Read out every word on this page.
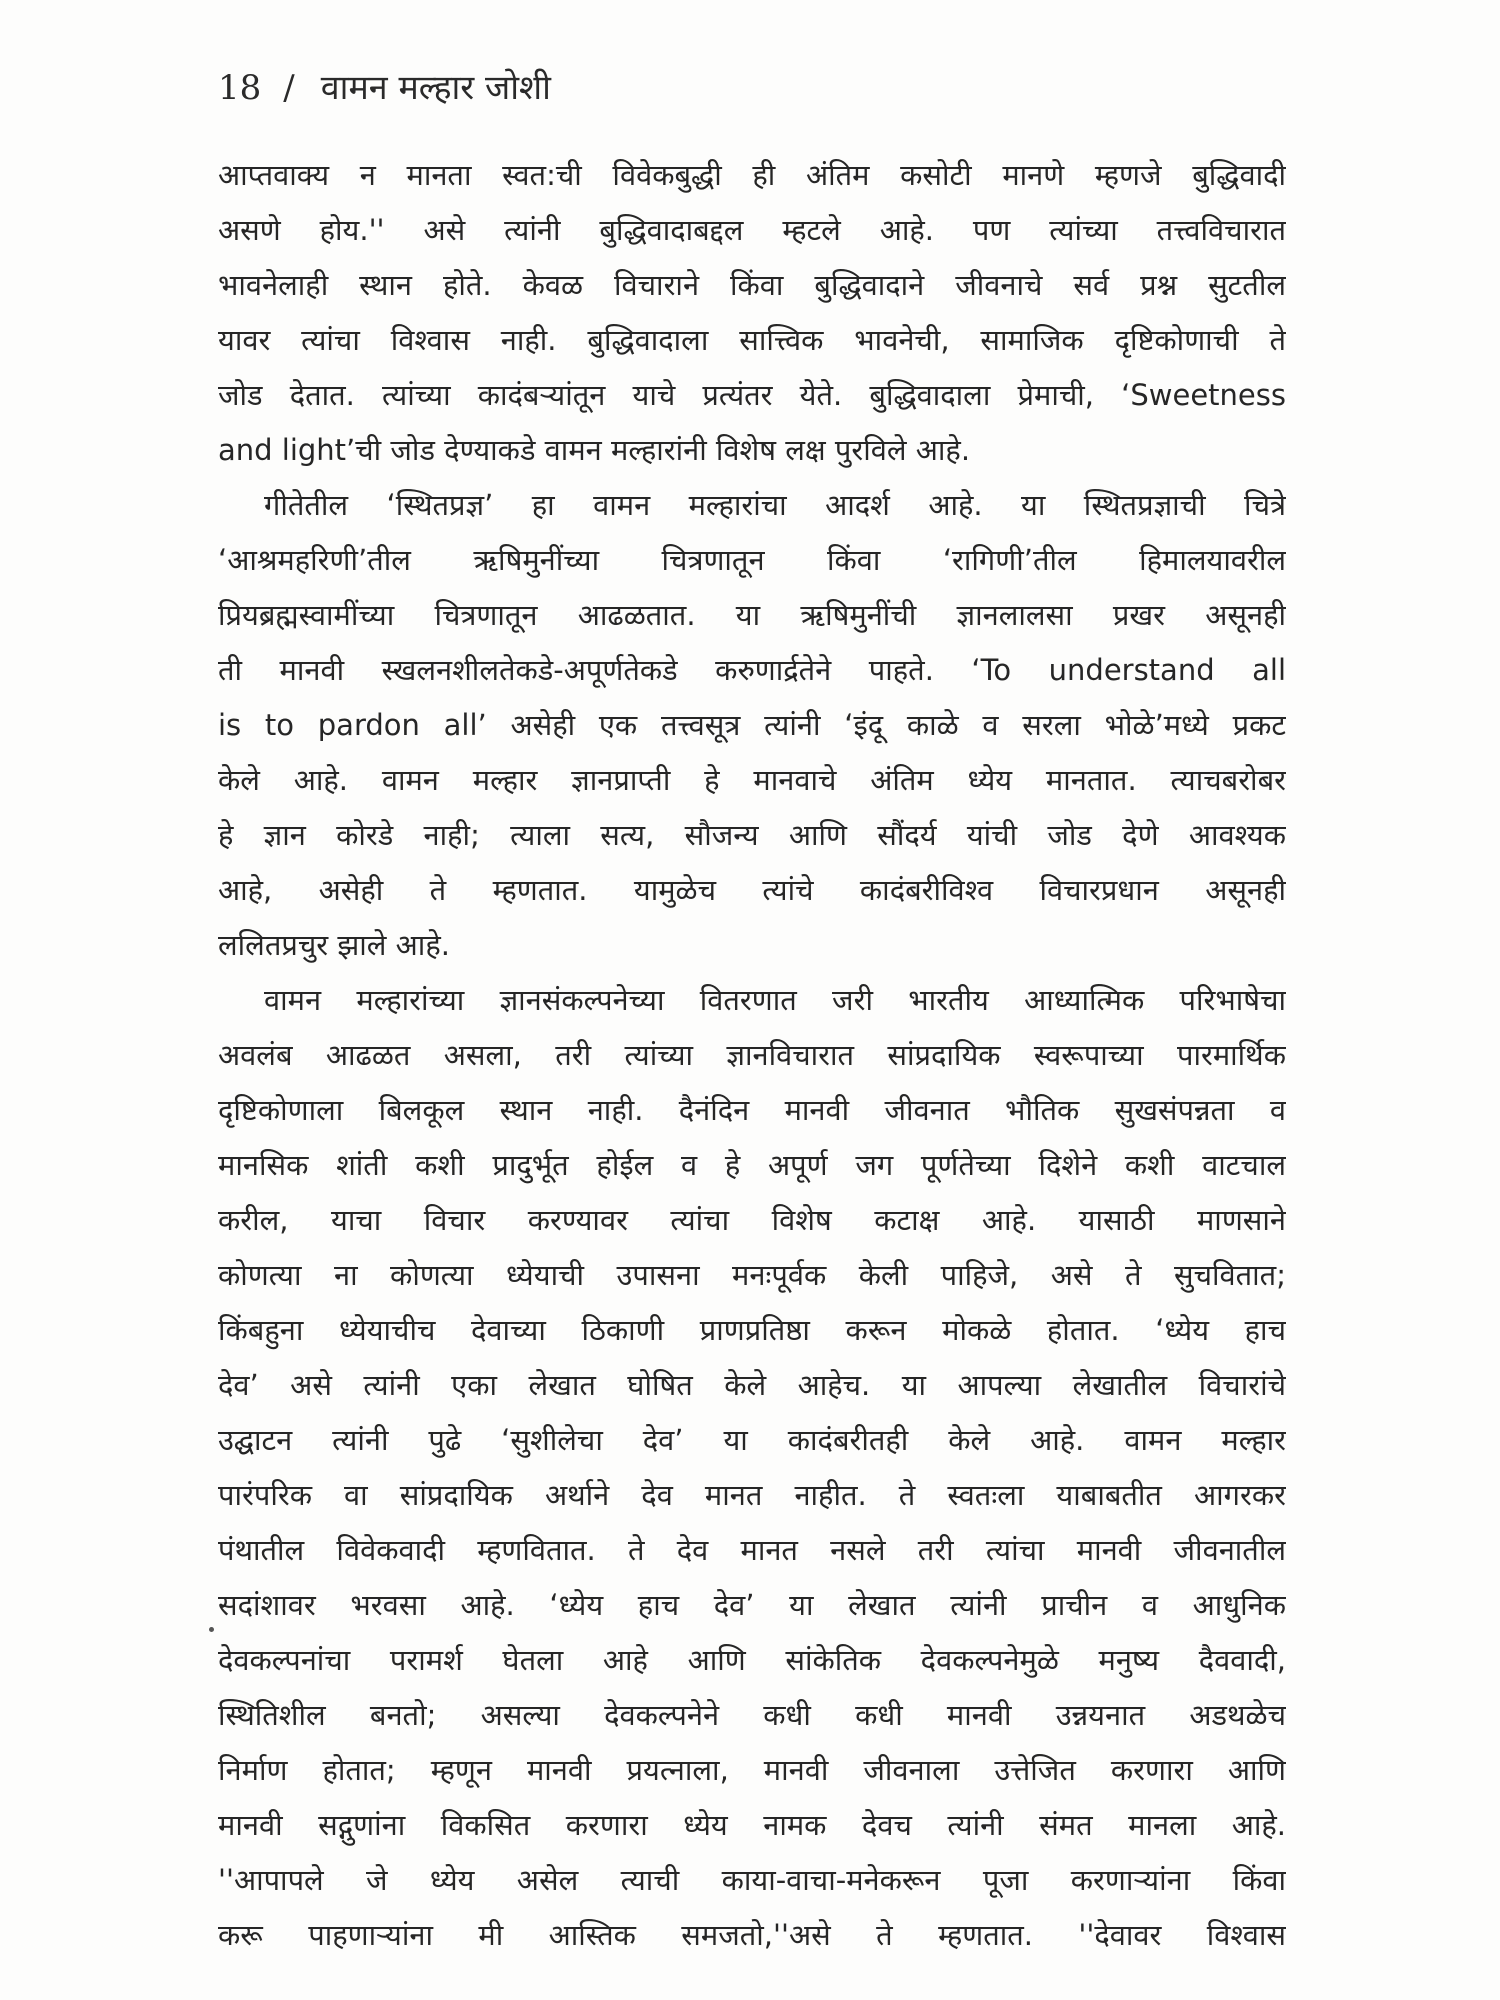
18 / वामन मल्हार जोशी
आप्तवाक्य न मानता स्वत:ची विवेकबुद्धी ही अंतिम कसोटी मानणे म्हणजे बुद्धिवादी
असणे होय.'' असे त्यांनी बुद्धिवादाबद्दल म्हटले आहे. पण त्यांच्या तत्त्वविचारात
भावनेलाही स्थान होते. केवळ विचाराने किंवा बुद्धिवादाने जीवनाचे सर्व प्रश्न सुटतील
यावर त्यांचा विश्वास नाही. बुद्धिवादाला सात्त्विक भावनेची, सामाजिक दृष्टिकोणाची ते
जोड देतात. त्यांच्या कादंबऱ्यांतून याचे प्रत्यंतर येते. बुद्धिवादाला प्रेमाची, ‘Sweetness
and light’ची जोड देण्याकडे वामन मल्हारांनी विशेष लक्ष पुरविले आहे.
गीतेतील ‘स्थितप्रज्ञ’ हा वामन मल्हारांचा आदर्श आहे. या स्थितप्रज्ञाची चित्रे
‘आश्रमहरिणी’तील ऋषिमुनींच्या चित्रणातून किंवा ‘रागिणी’तील हिमालयावरील
प्रियब्रह्मस्वामींच्या चित्रणातून आढळतात. या ऋषिमुनींची ज्ञानलालसा प्रखर असूनही
ती मानवी स्खलनशीलतेकडे-अपूर्णतेकडे करुणार्द्रतेने पाहते. ‘To understand all
is to pardon all’ असेही एक तत्त्वसूत्र त्यांनी ‘इंदू काळे व सरला भोळे’मध्ये प्रकट
केले आहे. वामन मल्हार ज्ञानप्राप्ती हे मानवाचे अंतिम ध्येय मानतात. त्याचबरोबर
हे ज्ञान कोरडे नाही; त्याला सत्य, सौजन्य आणि सौंदर्य यांची जोड देणे आवश्यक
आहे, असेही ते म्हणतात. यामुळेच त्यांचे कादंबरीविश्व विचारप्रधान असूनही
ललितप्रचुर झाले आहे.
वामन मल्हारांच्या ज्ञानसंकल्पनेच्या वितरणात जरी भारतीय आध्यात्मिक परिभाषेचा
अवलंब आढळत असला, तरी त्यांच्या ज्ञानविचारात सांप्रदायिक स्वरूपाच्या पारमार्थिक
दृष्टिकोणाला बिलकूल स्थान नाही. दैनंदिन मानवी जीवनात भौतिक सुखसंपन्नता व
मानसिक शांती कशी प्रादुर्भूत होईल व हे अपूर्ण जग पूर्णतेच्या दिशेने कशी वाटचाल
करील, याचा विचार करण्यावर त्यांचा विशेष कटाक्ष आहे. यासाठी माणसाने
कोणत्या ना कोणत्या ध्येयाची उपासना मनःपूर्वक केली पाहिजे, असे ते सुचवितात;
किंबहुना ध्येयाचीच देवाच्या ठिकाणी प्राणप्रतिष्ठा करून मोकळे होतात. ‘ध्येय हाच
देव’ असे त्यांनी एका लेखात घोषित केले आहेच. या आपल्या लेखातील विचारांचे
उद्घाटन त्यांनी पुढे ‘सुशीलेचा देव’ या कादंबरीतही केले आहे. वामन मल्हार
पारंपरिक वा सांप्रदायिक अर्थाने देव मानत नाहीत. ते स्वतःला याबाबतीत आगरकर
पंथातील विवेकवादी म्हणवितात. ते देव मानत नसले तरी त्यांचा मानवी जीवनातील
सदांशावर भरवसा आहे. ‘ध्येय हाच देव’ या लेखात त्यांनी प्राचीन व आधुनिक
देवकल्पनांचा परामर्श घेतला आहे आणि सांकेतिक देवकल्पनेमुळे मनुष्य दैववादी,
स्थितिशील बनतो; असल्या देवकल्पनेने कधी कधी मानवी उन्नयनात अडथळेच
निर्माण होतात; म्हणून मानवी प्रयत्नाला, मानवी जीवनाला उत्तेजित करणारा आणि
मानवी सद्गुणांना विकसित करणारा ध्येय नामक देवच त्यांनी संमत मानला आहे.
''आपापले जे ध्येय असेल त्याची काया-वाचा-मनेकरून पूजा करणाऱ्यांना किंवा
करू पाहणाऱ्यांना मी आस्तिक समजतो,''असे ते म्हणतात. ''देवावर विश्वास
